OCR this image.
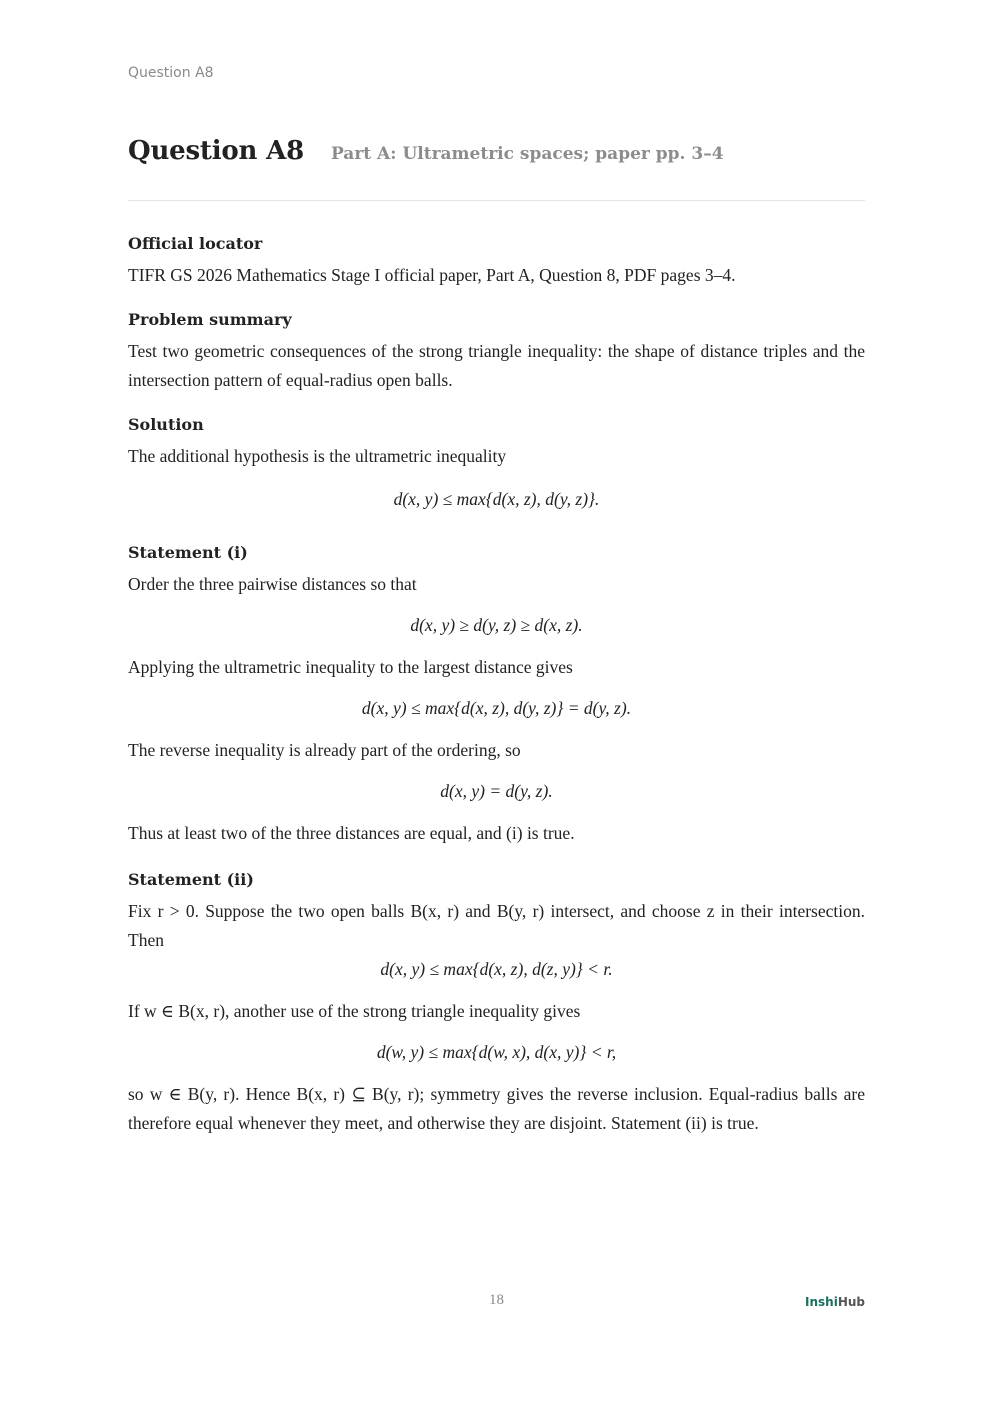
Question A8
Question A8 Part A: Ultrametric spaces; paper pp. 3–4

Official locator

TIFR GS 2026 Mathematics Stage I official paper, Part A, Question 8, PDF pages 3–4.

Problem summary

Test two geometric consequences of the strong triangle inequality: the shape of distance triples and the intersection pattern of equal-radius open balls.

Solution

The additional hypothesis is the ultrametric inequality

d(x, y) ≤ max{d(x, z), d(y, z)}.

Statement (i)

Order the three pairwise distances so that

d(x, y) ≥ d(y, z) ≥ d(x, z).

Applying the ultrametric inequality to the largest distance gives

d(x, y) ≤ max{d(x, z), d(y, z)} = d(y, z).

The reverse inequality is already part of the ordering, so

d(x, y) = d(y, z).

Thus at least two of the three distances are equal, and (i) is true.

Statement (ii)

Fix r > 0. Suppose the two open balls B(x, r) and B(y, r) intersect, and choose z in their intersection. Then

d(x, y) ≤ max{d(x, z), d(z, y)} < r.

If w ∈ B(x, r), another use of the strong triangle inequality gives

d(w, y) ≤ max{d(w, x), d(x, y)} < r,

so w ∈ B(y, r). Hence B(x, r) ⊆ B(y, r); symmetry gives the reverse inclusion. Equal-radius balls are therefore equal whenever they meet, and otherwise they are disjoint. Statement (ii) is true.

18	InshiHub
